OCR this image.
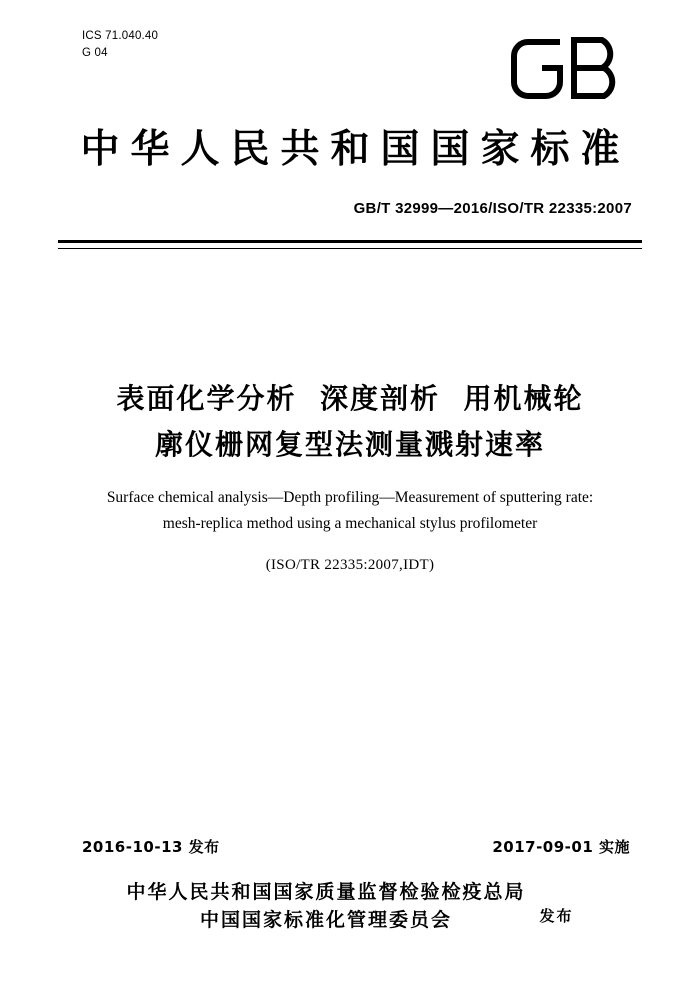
ICS 71.040.40
G 04
中华人民共和国国家标准
GB/T 32999—2016/ISO/TR 22335:2007
表面化学分析  深度剖析  用机械轮
廓仪栅网复型法测量溅射速率
Surface chemical analysis—Depth profiling—Measurement of sputtering rate:
mesh-replica method using a mechanical stylus profilometer
(ISO/TR 22335:2007,IDT)
2016-10-13 发布	2017-09-01 实施
中华人民共和国国家质量监督检验检疫总局
中国国家标准化管理委员会	发布
